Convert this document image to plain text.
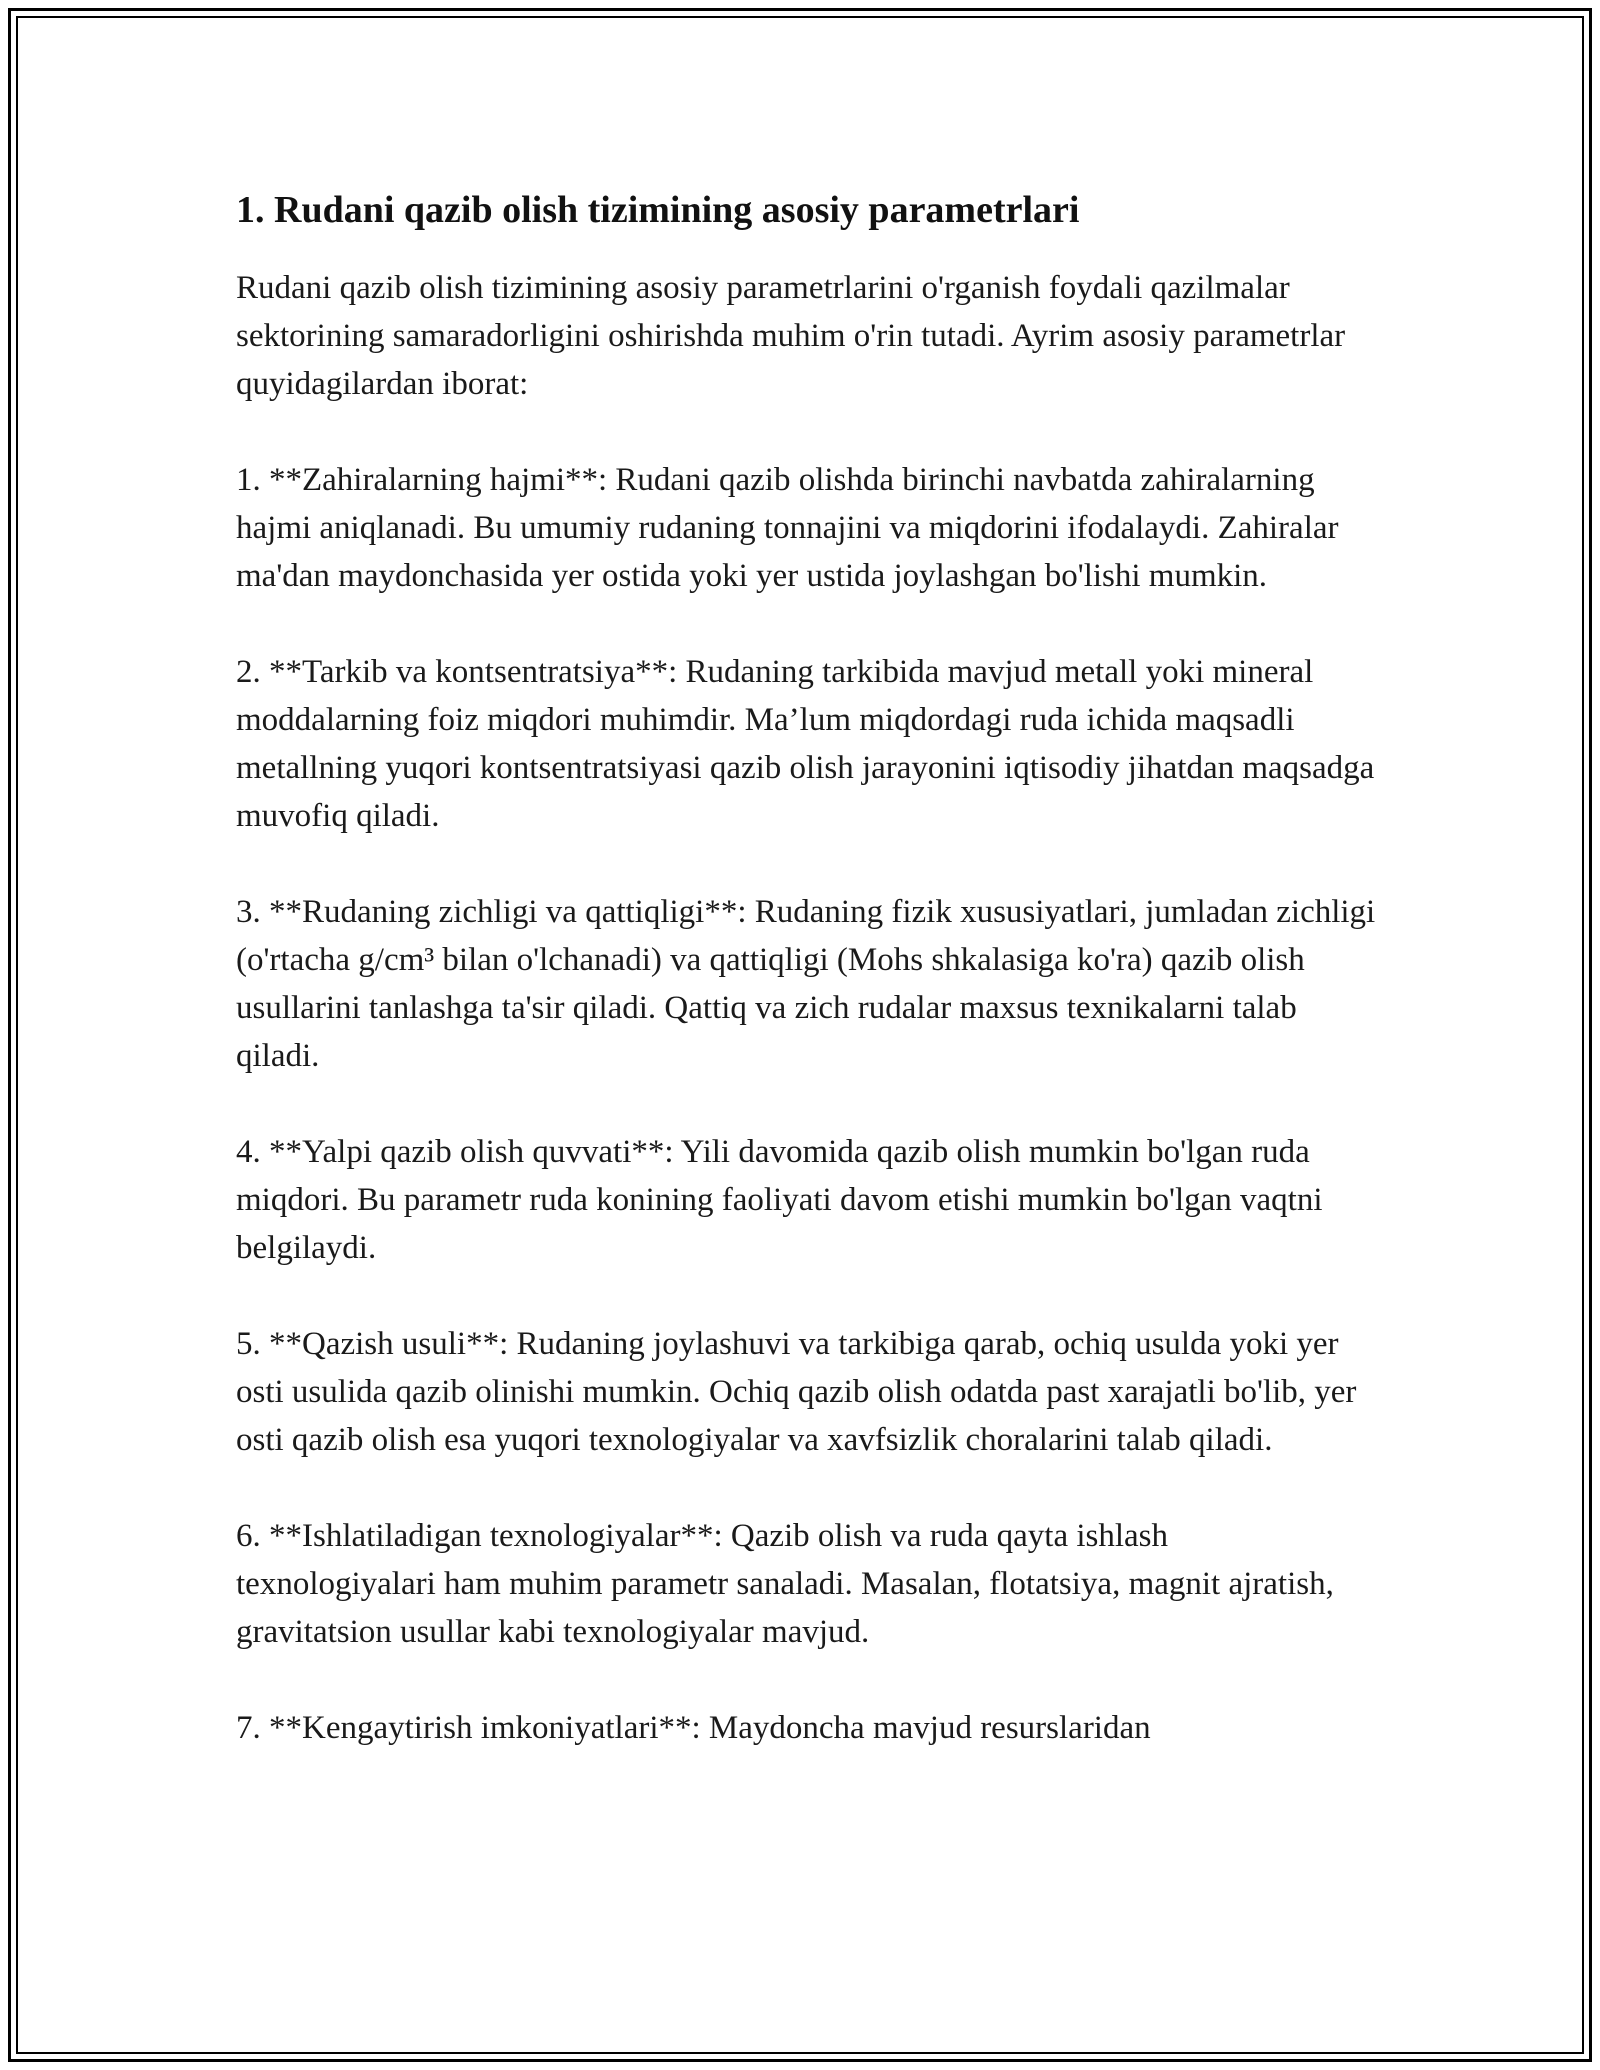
1. Rudani qazib olish tizimining asosiy parametrlari

Rudani qazib olish tizimining asosiy parametrlarini o'rganish foydali qazilmalar sektorining samaradorligini oshirishda muhim o'rin tutadi. Ayrim asosiy parametrlar quyidagilardan iborat:

1. **Zahiralarning hajmi**: Rudani qazib olishda birinchi navbatda zahiralarning hajmi aniqlanadi. Bu umumiy rudaning tonnajini va miqdorini ifodalaydi. Zahiralar ma'dan maydonchasida yer ostida yoki yer ustida joylashgan bo'lishi mumkin.

2. **Tarkib va kontsentratsiya**: Rudaning tarkibida mavjud metall yoki mineral moddalarning foiz miqdori muhimdir. Ma’lum miqdordagi ruda ichida maqsadli metallning yuqori kontsentratsiyasi qazib olish jarayonini iqtisodiy jihatdan maqsadga muvofiq qiladi.

3. **Rudaning zichligi va qattiqligi**: Rudaning fizik xususiyatlari, jumladan zichligi (o'rtacha g/cm³ bilan o'lchanadi) va qattiqligi (Mohs shkalasiga ko'ra) qazib olish usullarini tanlashga ta'sir qiladi. Qattiq va zich rudalar maxsus texnikalarni talab qiladi.

4. **Yalpi qazib olish quvvati**: Yili davomida qazib olish mumkin bo'lgan ruda miqdori. Bu parametr ruda konining faoliyati davom etishi mumkin bo'lgan vaqtni belgilaydi.

5. **Qazish usuli**: Rudaning joylashuvi va tarkibiga qarab, ochiq usulda yoki yer osti usulida qazib olinishi mumkin. Ochiq qazib olish odatda past xarajatli bo'lib, yer osti qazib olish esa yuqori texnologiyalar va xavfsizlik choralarini talab qiladi.

6. **Ishlatiladigan texnologiyalar**: Qazib olish va ruda qayta ishlash texnologiyalari ham muhim parametr sanaladi. Masalan, flotatsiya, magnit ajratish, gravitatsion usullar kabi texnologiyalar mavjud.

7. **Kengaytirish imkoniyatlari**: Maydoncha mavjud resurslaridan
